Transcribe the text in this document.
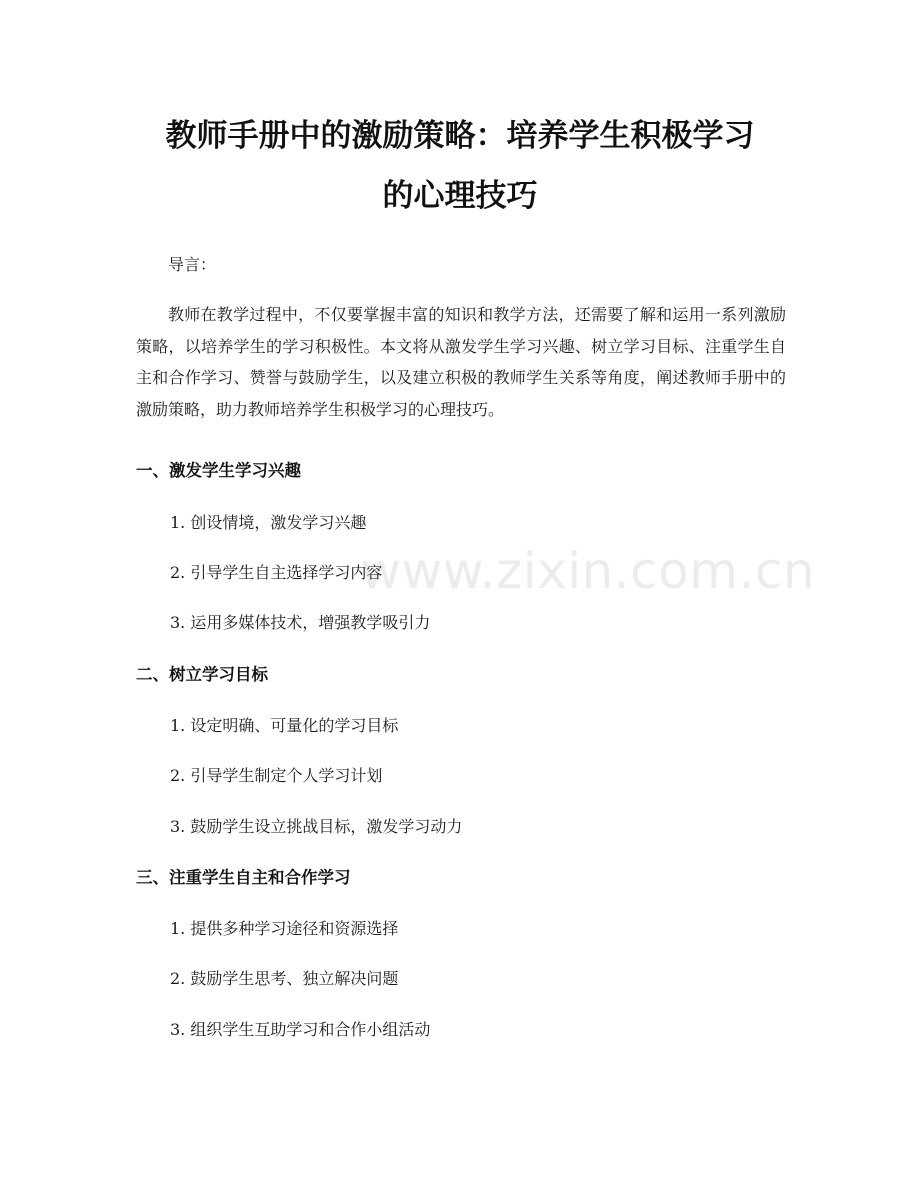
教师手册中的激励策略：培养学生积极学习
的心理技巧
导言：

教师在教学过程中，不仅要掌握丰富的知识和教学方法，还需要了解和运用一系列激励策略，以培养学生的学习积极性。本文将从激发学生学习兴趣、树立学习目标、注重学生自主和合作学习、赞誉与鼓励学生，以及建立积极的教师学生关系等角度，阐述教师手册中的激励策略，助力教师培养学生积极学习的心理技巧。

www.zixin.com.cn
一、激发学生学习兴趣
1. 创设情境，激发学习兴趣
2. 引导学生自主选择学习内容
3. 运用多媒体技术，增强教学吸引力
二、树立学习目标
1. 设定明确、可量化的学习目标
2. 引导学生制定个人学习计划
3. 鼓励学生设立挑战目标，激发学习动力
三、注重学生自主和合作学习
1. 提供多种学习途径和资源选择
2. 鼓励学生思考、独立解决问题
3. 组织学生互助学习和合作小组活动
